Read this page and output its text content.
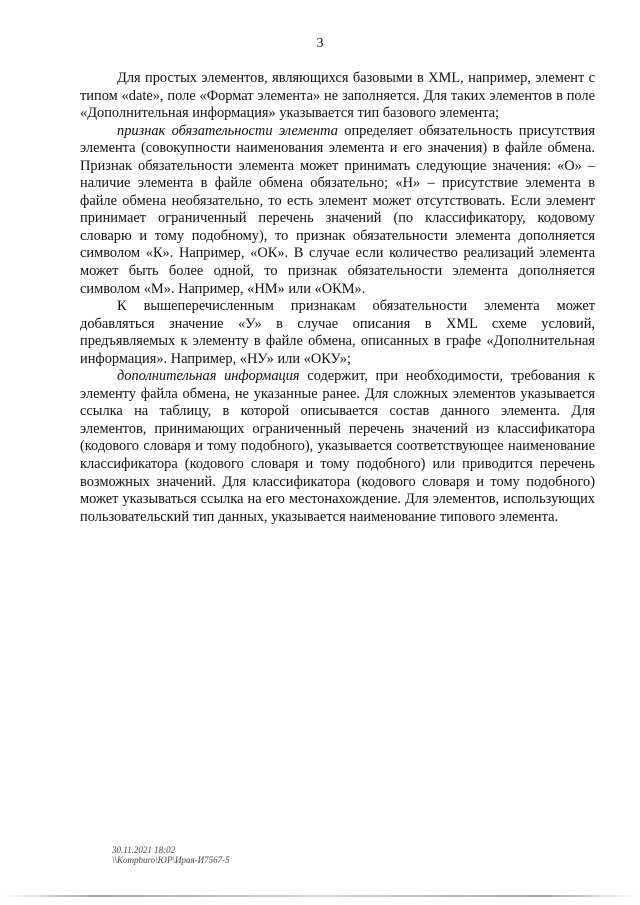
3

Для простых элементов, являющихся базовыми в XML, например, элемент с типом «date», поле «Формат элемента» не заполняется. Для таких элементов в поле «Дополнительная информация» указывается тип базового элемента;

признак обязательности элемента определяет обязательность присутствия элемента (совокупности наименования элемента и его значения) в файле обмена. Признак обязательности элемента может принимать следующие значения: «О» – наличие элемента в файле обмена обязательно; «Н» – присутствие элемента в файле обмена необязательно, то есть элемент может отсутствовать. Если элемент принимает ограниченный перечень значений (по классификатору, кодовому словарю и тому подобному), то признак обязательности элемента дополняется символом «К». Например, «ОК». В случае если количество реализаций элемента может быть более одной, то признак обязательности элемента дополняется символом «М». Например, «НМ» или «ОКМ».

К вышеперечисленным признакам обязательности элемента может добавляться значение «У» в случае описания в XML схеме условий, предъявляемых к элементу в файле обмена, описанных в графе «Дополнительная информация». Например, «НУ» или «ОКУ»;

дополнительная информация содержит, при необходимости, требования к элементу файла обмена, не указанные ранее. Для сложных элементов указывается ссылка на таблицу, в которой описывается состав данного элемента. Для элементов, принимающих ограниченный перечень значений из классификатора (кодового словаря и тому подобного), указывается соответствующее наименование классификатора (кодового словаря и тому подобного) или приводится перечень возможных значений. Для классификатора (кодового словаря и тому подобного) может указываться ссылка на его местонахождение. Для элементов, использующих пользовательский тип данных, указывается наименование типового элемента.

30.11.2021 18:02
\\Kompburo\ЮР\Ирая-И7567-5
